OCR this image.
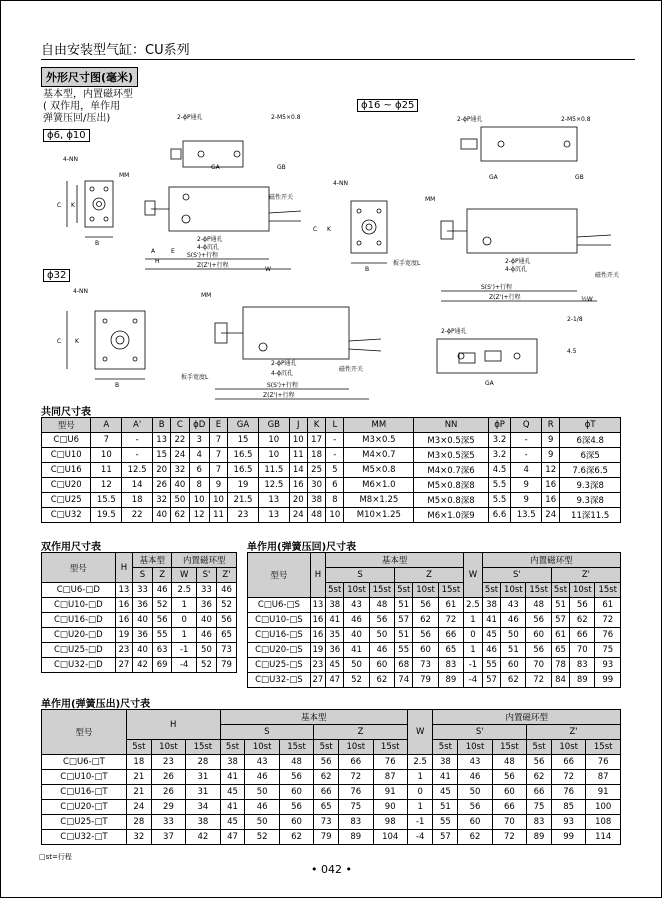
自由安装型气缸：CU系列
外形尺寸图(毫米)
基本型，内置磁环型
( 双作用，单作用
弹簧压回/压出)
ϕ6, ϕ10
ϕ16 ~ ϕ25
ϕ32
4-NN
C K
B
2-ϕP通孔	2-M5×0.8
MM
磁性开关
2-ϕP通孔
4-ϕ沉孔
S(S')+行程
Z(Z')+行程
GA	GB
A	E
H
W
4-NN
C K
B
2-ϕP通孔	2-M5×0.8
MM
扳手宽度L	2-ϕP通孔
4-ϕ沉孔
磁性开关
S(S')+行程
Z(Z')+行程
GA	GB
½W
4-NN
C K
B
MM
扳手宽度L
2-ϕP通孔
4-ϕ沉孔
磁性开关
S(S')+行程
Z(Z')+行程
2-ϕP通孔
2-1/8
GA
4.5
共同尺寸表
型号	A	A'	B	C	ϕD	E	GA	GB	J	K	L	MM	NN	ϕP	Q	R	ϕT
C□U6	7	-	13	22	3	7	15	10	10	17	-	M3×0.5	M3×0.5深5	3.2	-	9	6深4.8
C□U10	10	-	15	24	4	7	16.5	10	11	18	-	M4×0.7	M3×0.5深5	3.2	-	9	6深5
C□U16	11	12.5	20	32	6	7	16.5	11.5	14	25	5	M5×0.8	M4×0.7深6	4.5	4	12	7.6深6.5
C□U20	12	14	26	40	8	9	19	12.5	16	30	6	M6×1.0	M5×0.8深8	5.5	9	16	9.3深8
C□U25	15.5	18	32	50	10	10	21.5	13	20	38	8	M8×1.25	M5×0.8深8	5.5	9	16	9.3深8
C□U32	19.5	22	40	62	12	11	23	13	24	48	10	M10×1.25	M6×1.0深9	6.6	13.5	24	11深11.5
双作用尺寸表
型号	H	基本型		内置磁环型		
		S	Z	W	S'	Z'
C□U6-□D	13	33	46	2.5	33	46
C□U10-□D	16	36	52	1	36	52
C□U16-□D	16	40	56	0	40	56
C□U20-□D	19	36	55	1	46	65
C□U25-□D	23	40	63	-1	50	73
C□U32-□D	27	42	69	-4	52	79
单作用(弹簧压回)尺寸表
型号	H	基本型						W	内置磁环型					
		S			Z				S'			Z'		
		5st	10st	15st	5st	10st	15st		5st	10st	15st	5st	10st	15st
C□U6-□S	13	38	43	48	51	56	61	2.5	38	43	48	51	56	61
C□U10-□S	16	41	46	56	57	62	72	1	41	46	56	57	62	72
C□U16-□S	16	35	40	50	51	56	66	0	45	50	60	61	66	76
C□U20-□S	19	36	41	46	55	60	65	1	46	51	56	65	70	75
C□U25-□S	23	45	50	60	68	73	83	-1	55	60	70	78	83	93
C□U32-□S	27	47	52	62	74	79	89	-4	57	62	72	84	89	99
单作用(弹簧压出)尺寸表
型号	H			基本型						W	内置磁环型					
				S			Z				S'			Z'		
	5st	10st	15st	5st	10st	15st	5st	10st	15st		5st	10st	15st	5st	10st	15st
C□U6-□T	18	23	28	38	43	48	56	66	76	2.5	38	43	48	56	66	76
C□U10-□T	21	26	31	41	46	56	62	72	87	1	41	46	56	62	72	87
C□U16-□T	21	26	31	45	50	60	66	76	91	0	45	50	60	66	76	91
C□U20-□T	24	29	34	41	46	56	65	75	90	1	51	56	66	75	85	100
C□U25-□T	28	33	38	45	50	60	73	83	98	-1	55	60	70	83	93	108
C□U32-□T	32	37	42	47	52	62	79	89	104	-4	57	62	72	89	99	114
□st=行程
• 042 •
